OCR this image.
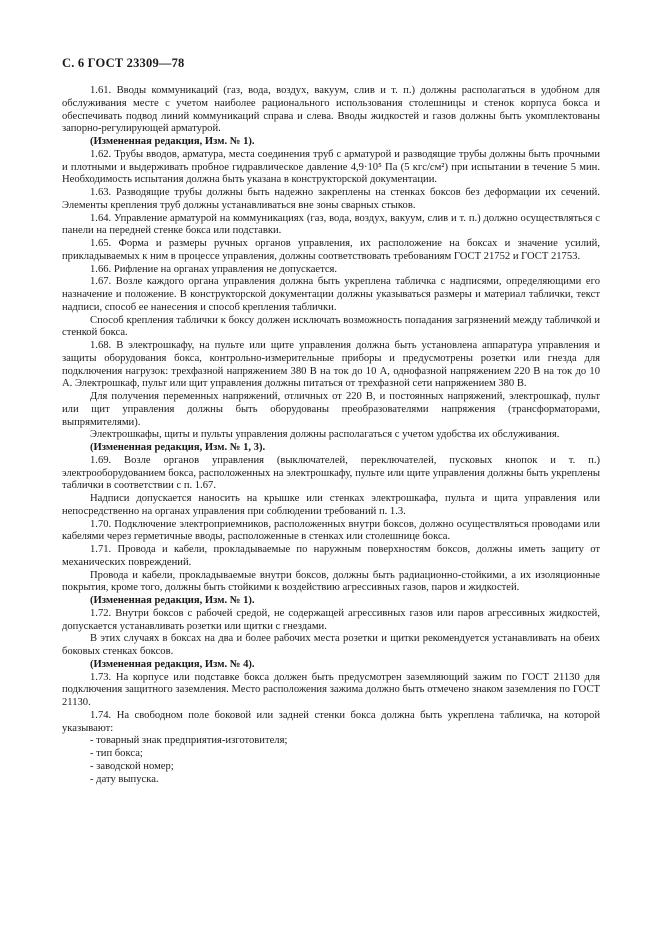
С. 6 ГОСТ 23309—78

1.61. Вводы коммуникаций (газ, вода, воздух, вакуум, слив и т. п.) должны располагаться в удобном для обслуживания месте с учетом наиболее рационального использования столешницы и стенок корпуса бокса и обеспечивать подвод линий коммуникаций справа и слева. Вводы жидкостей и газов должны быть укомплектованы запорно-регулирующей арматурой.

(Измененная редакция, Изм. № 1).

1.62. Трубы вводов, арматура, места соединения труб с арматурой и разводящие трубы должны быть прочными и плотными и выдерживать пробное гидравлическое давление 4,9·10⁵ Па (5 кгс/см²) при испытании в течение 5 мин. Необходимость испытания должна быть указана в конструкторской документации.

1.63. Разводящие трубы должны быть надежно закреплены на стенках боксов без деформации их сечений. Элементы крепления труб должны устанавливаться вне зоны сварных стыков.

1.64. Управление арматурой на коммуникациях (газ, вода, воздух, вакуум, слив и т. п.) должно осуществляться с панели на передней стенке бокса или подставки.

1.65. Форма и размеры ручных органов управления, их расположение на боксах и значение усилий, прикладываемых к ним в процессе управления, должны соответствовать требованиям ГОСТ 21752 и ГОСТ 21753.

1.66. Рифление на органах управления не допускается.

1.67. Возле каждого органа управления должна быть укреплена табличка с надписями, определяющими его назначение и положение. В конструкторской документации должны указываться размеры и материал таблички, текст надписи, способ ее нанесения и способ крепления таблички.

Способ крепления таблички к боксу должен исключать возможность попадания загрязнений между табличкой и стенкой бокса.

1.68. В электрошкафу, на пульте или щите управления должна быть установлена аппаратура управления и защиты оборудования бокса, контрольно-измерительные приборы и предусмотрены розетки или гнезда для подключения нагрузок: трехфазной напряжением 380 В на ток до 10 А, однофазной напряжением 220 В на ток до 10 А. Электрошкаф, пульт или щит управления должны питаться от трехфазной сети напряжением 380 В.

Для получения переменных напряжений, отличных от 220 В, и постоянных напряжений, электрошкаф, пульт или щит управления должны быть оборудованы преобразователями напряжения (трансформаторами, выпрямителями).

Электрошкафы, щиты и пульты управления должны располагаться с учетом удобства их обслуживания.

(Измененная редакция, Изм. № 1, 3).

1.69. Возле органов управления (выключателей, переключателей, пусковых кнопок и т. п.) электрооборудованием бокса, расположенных на электрошкафу, пульте или щите управления должны быть укреплены таблички в соответствии с п. 1.67.

Надписи допускается наносить на крышке или стенках электрошкафа, пульта и щита управления или непосредственно на органах управления при соблюдении требований п. 1.3.

1.70. Подключение электроприемников, расположенных внутри боксов, должно осуществляться проводами или кабелями через герметичные вводы, расположенные в стенках или столешнице бокса.

1.71. Провода и кабели, прокладываемые по наружным поверхностям боксов, должны иметь защиту от механических повреждений.

Провода и кабели, прокладываемые внутри боксов, должны быть радиационно-стойкими, а их изоляционные покрытия, кроме того, должны быть стойкими к воздействию агрессивных газов, паров и жидкостей.

(Измененная редакция, Изм. № 1).

1.72. Внутри боксов с рабочей средой, не содержащей агрессивных газов или паров агрессивных жидкостей, допускается устанавливать розетки или щитки с гнездами.

В этих случаях в боксах на два и более рабочих места розетки и щитки рекомендуется устанавливать на обеих боковых стенках боксов.

(Измененная редакция, Изм. № 4).

1.73. На корпусе или подставке бокса должен быть предусмотрен заземляющий зажим по ГОСТ 21130 для подключения защитного заземления. Место расположения зажима должно быть отмечено знаком заземления по ГОСТ 21130.

1.74. На свободном поле боковой или задней стенки бокса должна быть укреплена табличка, на которой указывают:

- товарный знак предприятия-изготовителя;

- тип бокса;

- заводской номер;

- дату выпуска.
